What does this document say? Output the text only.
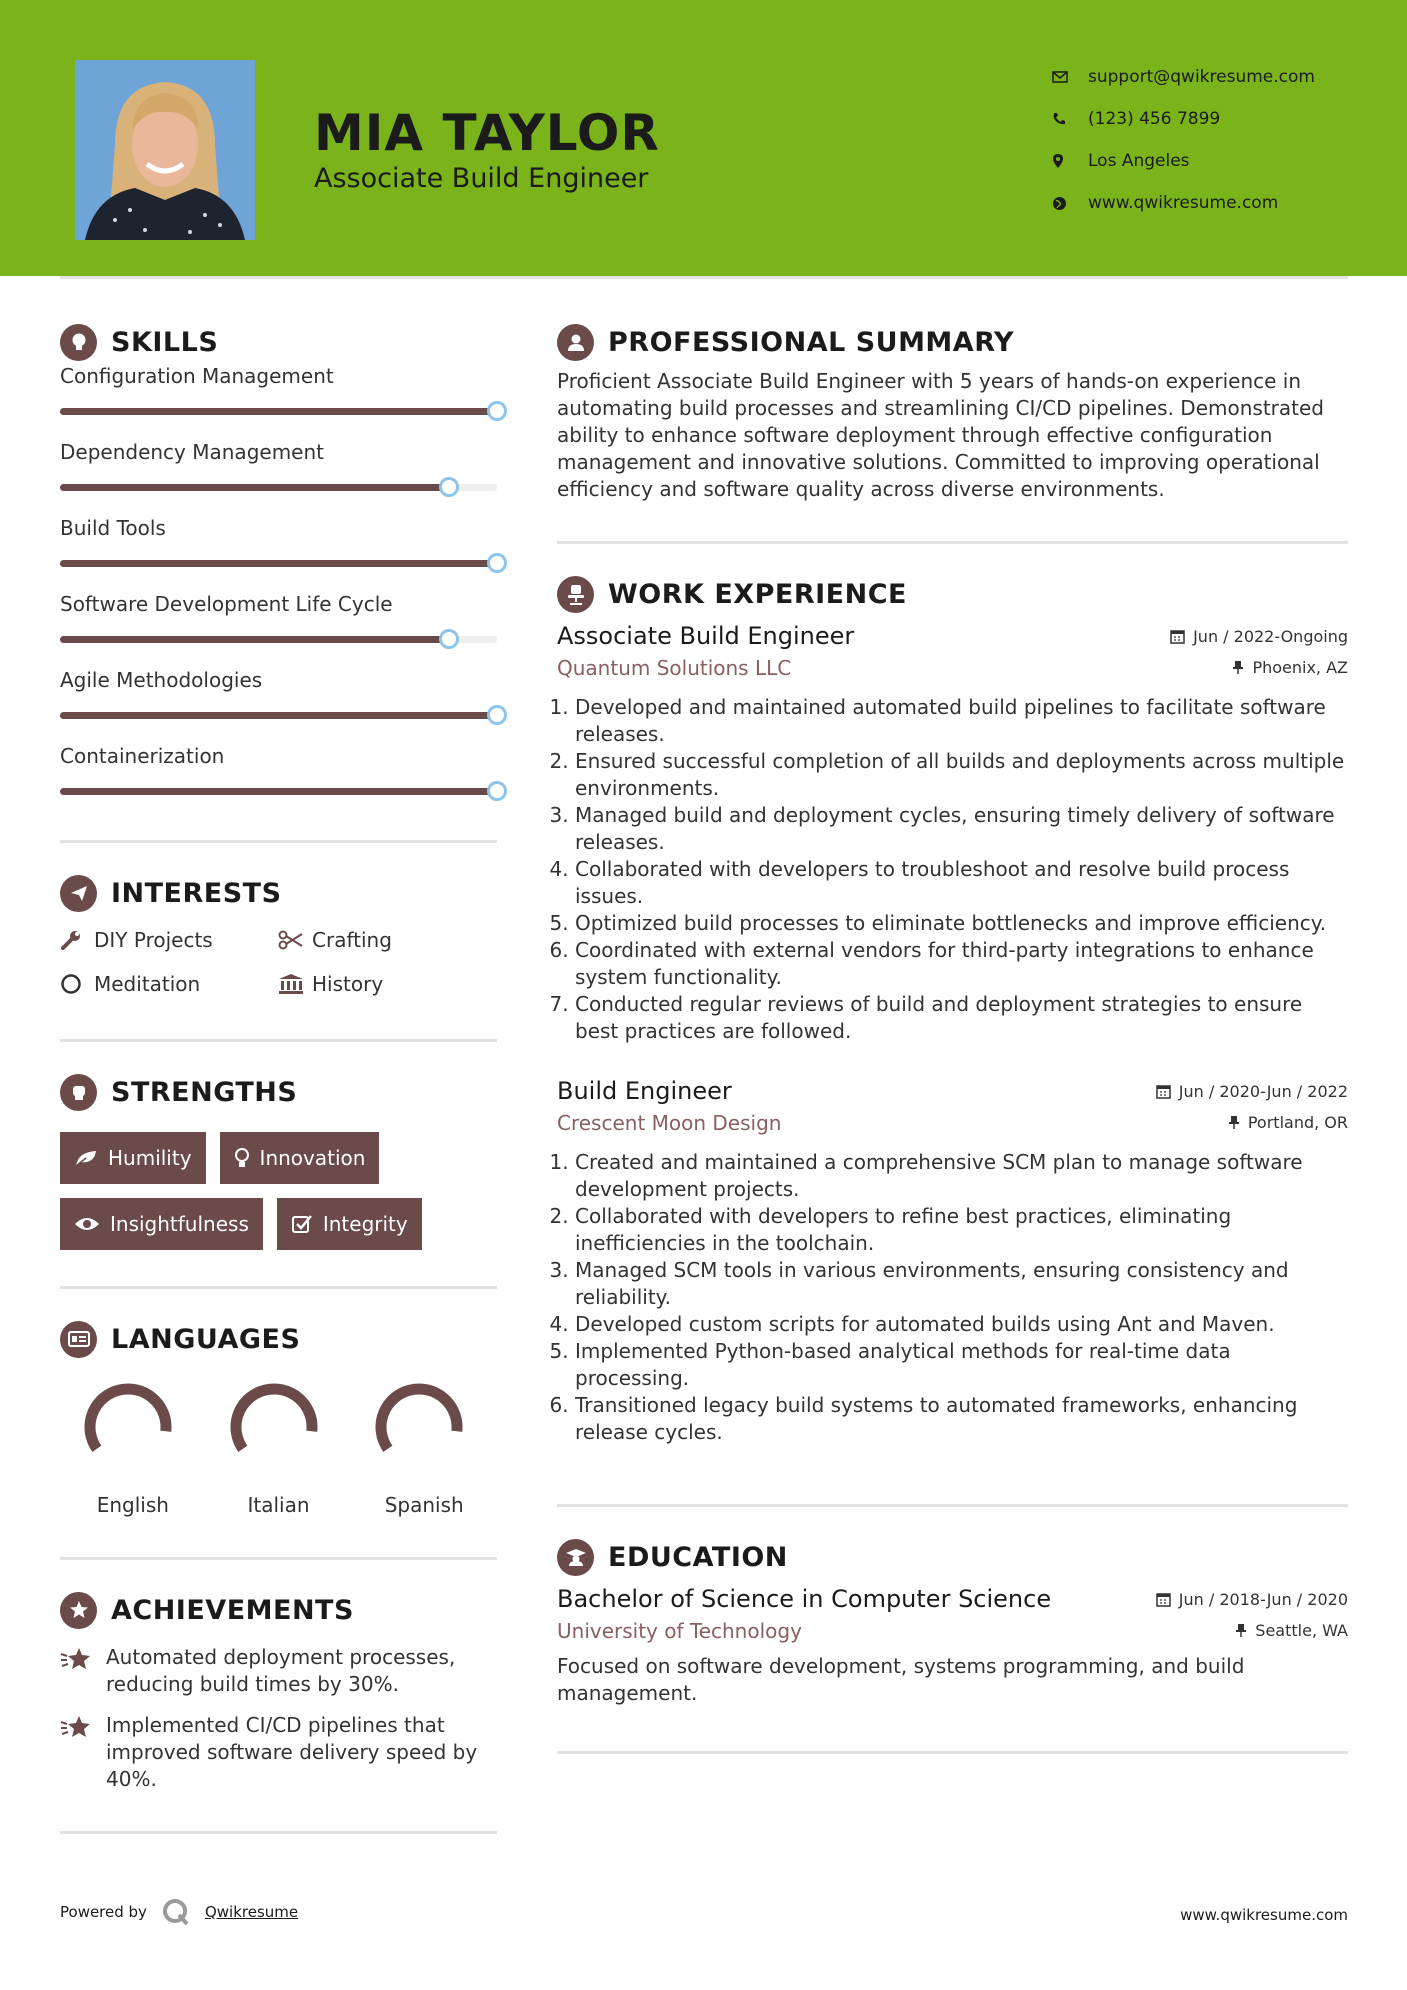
MIA TAYLOR
Associate Build Engineer
support@qwikresume.com
(123) 456 7899
Los Angeles
www.qwikresume.com
SKILLS
Configuration Management
Dependency Management
Build Tools
Software Development Life Cycle
Agile Methodologies
Containerization
INTERESTS
DIY Projects	Crafting
Meditation	History
STRENGTHS
Humility	Innovation
Insightfulness	Integrity
LANGUAGES
English	Italian	Spanish
ACHIEVEMENTS
Automated deployment processes, reducing build times by 30%.
Implemented CI/CD pipelines that improved software delivery speed by 40%.
PROFESSIONAL SUMMARY

Proficient Associate Build Engineer with 5 years of hands-on experience in automating build processes and streamlining CI/CD pipelines. Demonstrated ability to enhance software deployment through effective configuration management and innovative solutions. Committed to improving operational efficiency and software quality across diverse environments.

WORK EXPERIENCE
Associate Build Engineer	Jun / 2022-Ongoing
Quantum Solutions LLC	Phoenix, AZ
1. Developed and maintained automated build pipelines to facilitate software releases.
2. Ensured successful completion of all builds and deployments across multiple environments.
3. Managed build and deployment cycles, ensuring timely delivery of software releases.
4. Collaborated with developers to troubleshoot and resolve build process issues.
5. Optimized build processes to eliminate bottlenecks and improve efficiency.
6. Coordinated with external vendors for third-party integrations to enhance system functionality.
7. Conducted regular reviews of build and deployment strategies to ensure best practices are followed.
Build Engineer	Jun / 2020-Jun / 2022
Crescent Moon Design	Portland, OR
1. Created and maintained a comprehensive SCM plan to manage software development projects.
2. Collaborated with developers to refine best practices, eliminating inefficiencies in the toolchain.
3. Managed SCM tools in various environments, ensuring consistency and reliability.
4. Developed custom scripts for automated builds using Ant and Maven.
5. Implemented Python-based analytical methods for real-time data processing.
6. Transitioned legacy build systems to automated frameworks, enhancing release cycles.
EDUCATION
Bachelor of Science in Computer Science	Jun / 2018-Jun / 2020
University of Technology	Seattle, WA

Focused on software development, systems programming, and build management.

Powered by	Qwikresume	www.qwikresume.com
